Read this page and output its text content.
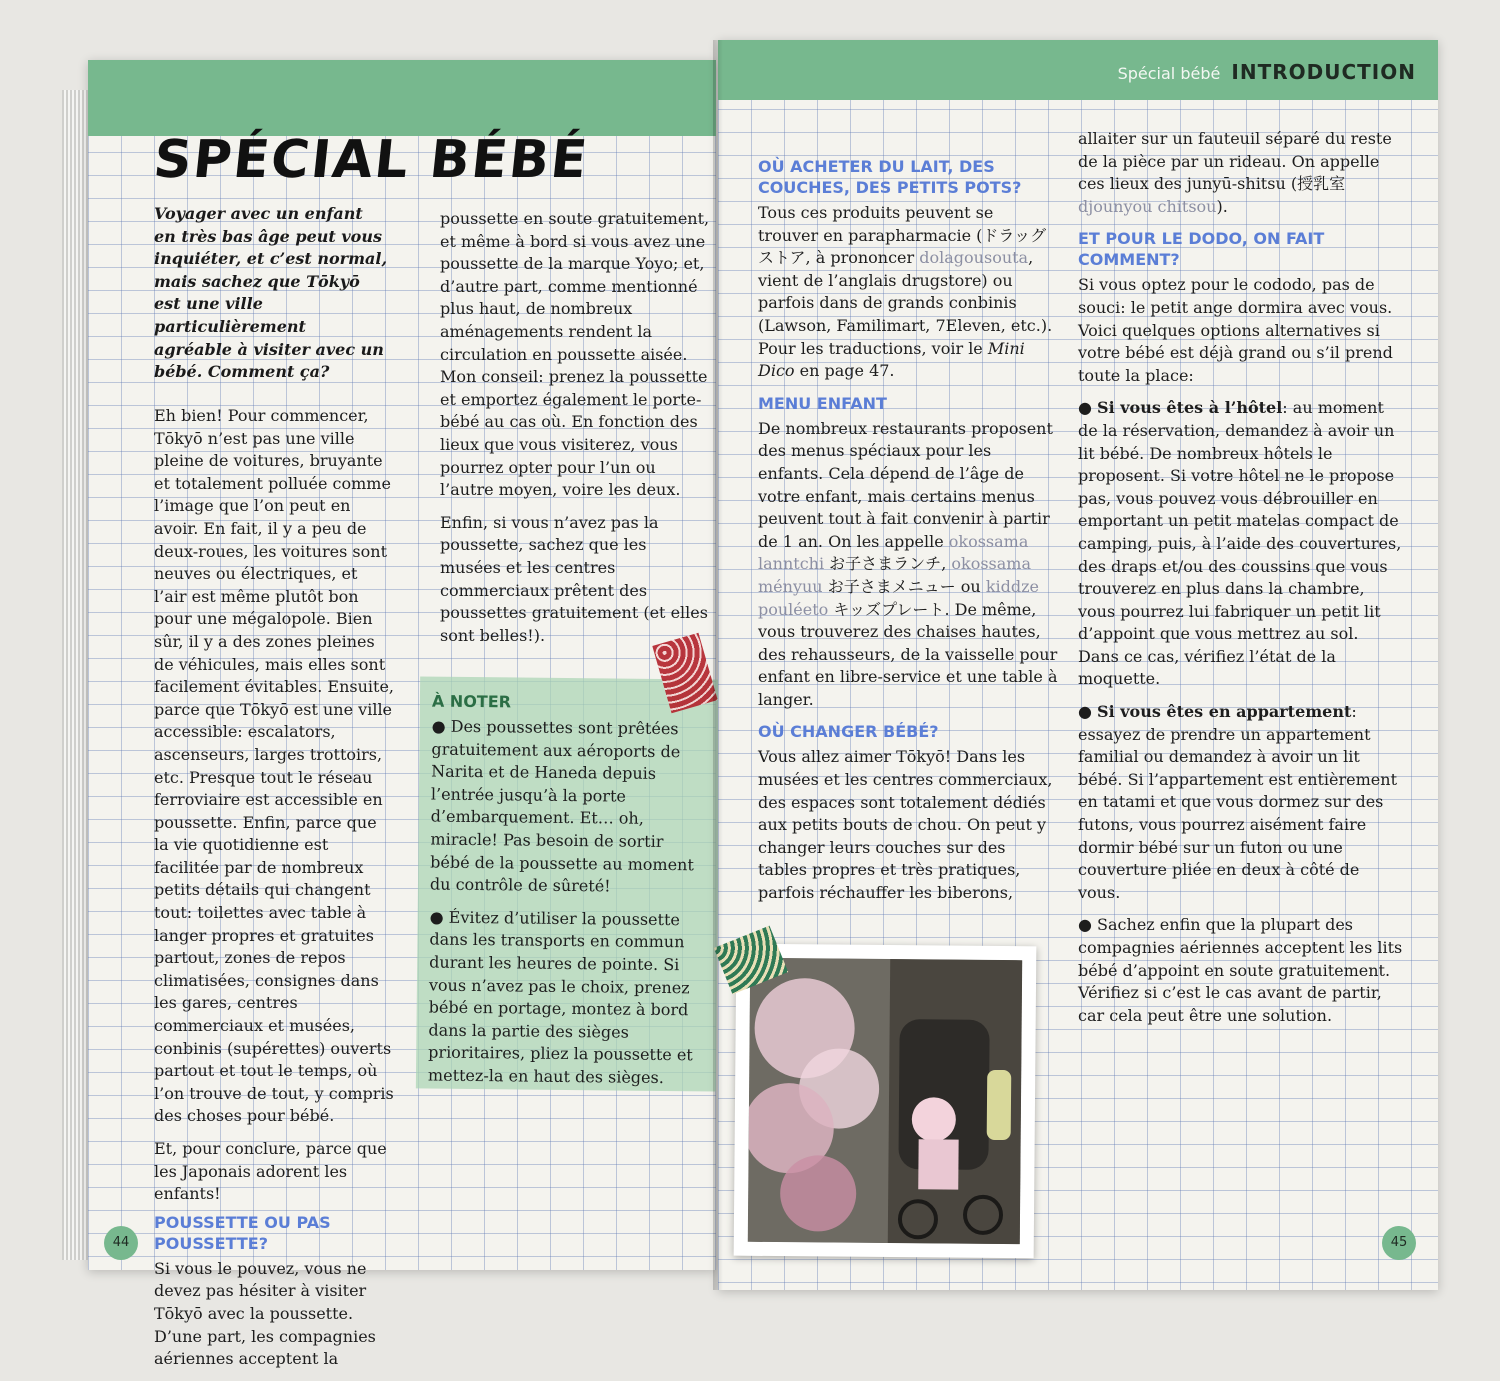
SPÉCIAL BÉBÉ
Voyager avec un enfant en très bas âge peut vous inquiéter, et c’est normal, mais sachez que Tōkyō est une ville particulièrement agréable à visiter avec un bébé. Comment ça?

Eh bien! Pour commencer, Tōkyō n’est pas une ville pleine de voitures, bruyante et totalement polluée comme l’image que l’on peut en avoir. En fait, il y a peu de deux-roues, les voitures sont neuves ou électriques, et l’air est même plutôt bon pour une mégalopole. Bien sûr, il y a des zones pleines de véhicules, mais elles sont facilement évitables. Ensuite, parce que Tōkyō est une ville accessible: escalators, ascenseurs, larges trottoirs, etc. Presque tout le réseau ferroviaire est accessible en poussette. Enfin, parce que la vie quotidienne est facilitée par de nombreux petits détails qui changent tout: toilettes avec table à langer propres et gratuites partout, zones de repos climatisées, consignes dans les gares, centres commerciaux et musées, conbinis (supérettes) ouverts partout et tout le temps, où l’on trouve de tout, y compris des choses pour bébé.

Et, pour conclure, parce que les Japonais adorent les enfants!

POUSSETTE OU PAS POUSSETTE?

Si vous le pouvez, vous ne devez pas hésiter à visiter Tōkyō avec la poussette. D’une part, les compagnies aériennes acceptent la

poussette en soute gratuitement, et même à bord si vous avez une poussette de la marque Yoyo; et, d’autre part, comme mentionné plus haut, de nombreux aménagements rendent la circulation en poussette aisée. Mon conseil: prenez la poussette et emportez également le porte-bébé au cas où. En fonction des lieux que vous visiterez, vous pourrez opter pour l’un ou l’autre moyen, voire les deux.

Enfin, si vous n’avez pas la poussette, sachez que les musées et les centres commerciaux prêtent des poussettes gratuitement (et elles sont belles!).

À NOTER

● Des poussettes sont prêtées gratuitement aux aéroports de Narita et de Haneda depuis l’entrée jusqu’à la porte d’embarquement. Et… oh, miracle! Pas besoin de sortir bébé de la poussette au moment du contrôle de sûreté!

● Évitez d’utiliser la poussette dans les transports en commun durant les heures de pointe. Si vous n’avez pas le choix, prenez bébé en portage, montez à bord dans la partie des sièges prioritaires, pliez la poussette et mettez-la en haut des sièges.

44
Spécial bébé INTRODUCTION
OÙ ACHETER DU LAIT, DES COUCHES, DES PETITS POTS?

Tous ces produits peuvent se trouver en parapharmacie (ドラッグストア, à prononcer dolagousouta, vient de l’anglais drugstore) ou parfois dans de grands conbinis (Lawson, Familimart, 7Eleven, etc.). Pour les traductions, voir le Mini Dico en page 47.

MENU ENFANT

De nombreux restaurants proposent des menus spéciaux pour les enfants. Cela dépend de l’âge de votre enfant, mais certains menus peuvent tout à fait convenir à partir de 1 an. On les appelle okossama lanntchi お子さまランチ, okossama ményuu お子さまメニュー ou kiddze pouléeto キッズプレート. De même, vous trouverez des chaises hautes, des rehausseurs, de la vaisselle pour enfant en libre-service et une table à langer.

OÙ CHANGER BÉBÉ?

Vous allez aimer Tōkyō! Dans les musées et les centres commerciaux, des espaces sont totalement dédiés aux petits bouts de chou. On peut y changer leurs couches sur des tables propres et très pratiques, parfois réchauffer les biberons,

allaiter sur un fauteuil séparé du reste de la pièce par un rideau. On appelle ces lieux des junyū-shitsu (授乳室 djounyou chitsou).

ET POUR LE DODO, ON FAIT COMMENT?

Si vous optez pour le cododo, pas de souci: le petit ange dormira avec vous. Voici quelques options alternatives si votre bébé est déjà grand ou s’il prend toute la place:

● Si vous êtes à l’hôtel: au moment de la réservation, demandez à avoir un lit bébé. De nombreux hôtels le proposent. Si votre hôtel ne le propose pas, vous pouvez vous débrouiller en emportant un petit matelas compact de camping, puis, à l’aide des couvertures, des draps et/ou des coussins que vous trouverez en plus dans la chambre, vous pourrez lui fabriquer un petit lit d’appoint que vous mettrez au sol. Dans ce cas, vérifiez l’état de la moquette.

● Si vous êtes en appartement: essayez de prendre un appartement familial ou demandez à avoir un lit bébé. Si l’appartement est entièrement en tatami et que vous dormez sur des futons, vous pourrez aisément faire dormir bébé sur un futon ou une couverture pliée en deux à côté de vous.

● Sachez enfin que la plupart des compagnies aériennes acceptent les lits bébé d’appoint en soute gratuitement. Vérifiez si c’est le cas avant de partir, car cela peut être une solution.

45
